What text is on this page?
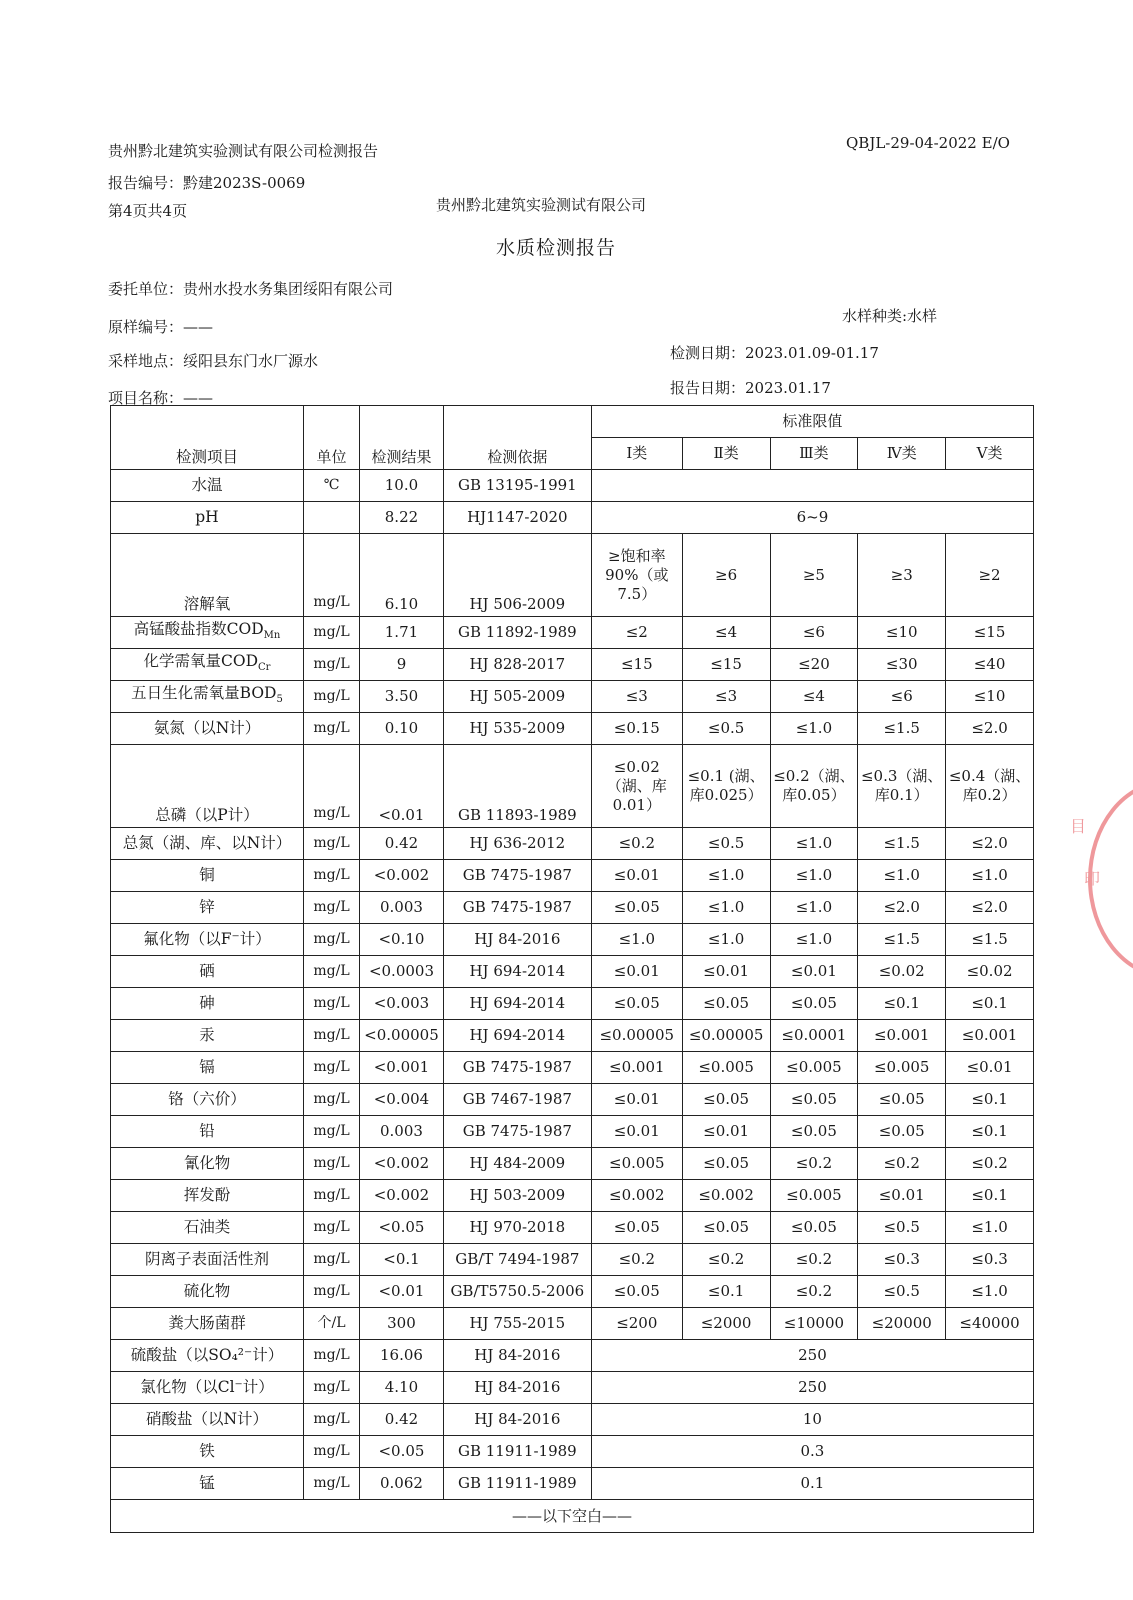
贵州黔北建筑实验测试有限公司检测报告	QBJL-29-04-2022 E/O
报告编号：黔建2023S-0069
第4页共4页	贵州黔北建筑实验测试有限公司
水质检测报告
委托单位：贵州水投水务集团绥阳有限公司
水样种类:水样
原样编号：——
采样地点：绥阳县东门水厂源水	检测日期：2023.01.09-01.17
项目名称：——
报告日期：2023.01.17
目
印
检测项目	单位	检测结果	检测依据	标准限值				
				Ⅰ类	Ⅱ类	Ⅲ类	Ⅳ类	Ⅴ类
水温	℃	10.0	GB 13195-1991					
pH		8.22	HJ1147-2020	6~9				
溶解氧	mg/L	6.10	HJ 506-2009	≥饱和率90%（或7.5）	≥6	≥5	≥3	≥2
高锰酸盐指数$COD_{Mn}$	mg/L	1.71	GB 11892-1989	≤2	≤4	≤6	≤10	≤15
化学需氧量$COD_{Cr}$	mg/L	9	HJ 828-2017	≤15	≤15	≤20	≤30	≤40
五日生化需氧量$BOD_5$	mg/L	3.50	HJ 505-2009	≤3	≤3	≤4	≤6	≤10
氨氮（以N计）	mg/L	0.10	HJ 535-2009	≤0.15	≤0.5	≤1.0	≤1.5	≤2.0
总磷（以P计）	mg/L	<0.01	GB 11893-1989	≤0.02（湖、库0.01）	≤0.1 (湖、库0.025）	≤0.2（湖、库0.05）	≤0.3（湖、库0.1）	≤0.4（湖、库0.2）
总氮（湖、库、以N计）	mg/L	0.42	HJ 636-2012	≤0.2	≤0.5	≤1.0	≤1.5	≤2.0
铜	mg/L	<0.002	GB 7475-1987	≤0.01	≤1.0	≤1.0	≤1.0	≤1.0
锌	mg/L	0.003	GB 7475-1987	≤0.05	≤1.0	≤1.0	≤2.0	≤2.0
氟化物（以F⁻计）	mg/L	<0.10	HJ 84-2016	≤1.0	≤1.0	≤1.0	≤1.5	≤1.5
硒	mg/L	<0.0003	HJ 694-2014	≤0.01	≤0.01	≤0.01	≤0.02	≤0.02
砷	mg/L	<0.003	HJ 694-2014	≤0.05	≤0.05	≤0.05	≤0.1	≤0.1
汞	mg/L	<0.00005	HJ 694-2014	≤0.00005	≤0.00005	≤0.0001	≤0.001	≤0.001
镉	mg/L	<0.001	GB 7475-1987	≤0.001	≤0.005	≤0.005	≤0.005	≤0.01
铬（六价）	mg/L	<0.004	GB 7467-1987	≤0.01	≤0.05	≤0.05	≤0.05	≤0.1
铅	mg/L	0.003	GB 7475-1987	≤0.01	≤0.01	≤0.05	≤0.05	≤0.1
氰化物	mg/L	<0.002	HJ 484-2009	≤0.005	≤0.05	≤0.2	≤0.2	≤0.2
挥发酚	mg/L	<0.002	HJ 503-2009	≤0.002	≤0.002	≤0.005	≤0.01	≤0.1
石油类	mg/L	<0.05	HJ 970-2018	≤0.05	≤0.05	≤0.05	≤0.5	≤1.0
阴离子表面活性剂	mg/L	<0.1	GB/T 7494-1987	≤0.2	≤0.2	≤0.2	≤0.3	≤0.3
硫化物	mg/L	<0.01	GB/T5750.5-2006	≤0.05	≤0.1	≤0.2	≤0.5	≤1.0
粪大肠菌群	个/L	300	HJ 755-2015	≤200	≤2000	≤10000	≤20000	≤40000
硫酸盐（以SO₄²⁻计）	mg/L	16.06	HJ 84-2016	250				
氯化物（以Cl⁻计）	mg/L	4.10	HJ 84-2016	250				
硝酸盐（以N计）	mg/L	0.42	HJ 84-2016	10				
铁	mg/L	<0.05	GB 11911-1989	0.3				
锰	mg/L	0.062	GB 11911-1989	0.1				
——以下空白——								
